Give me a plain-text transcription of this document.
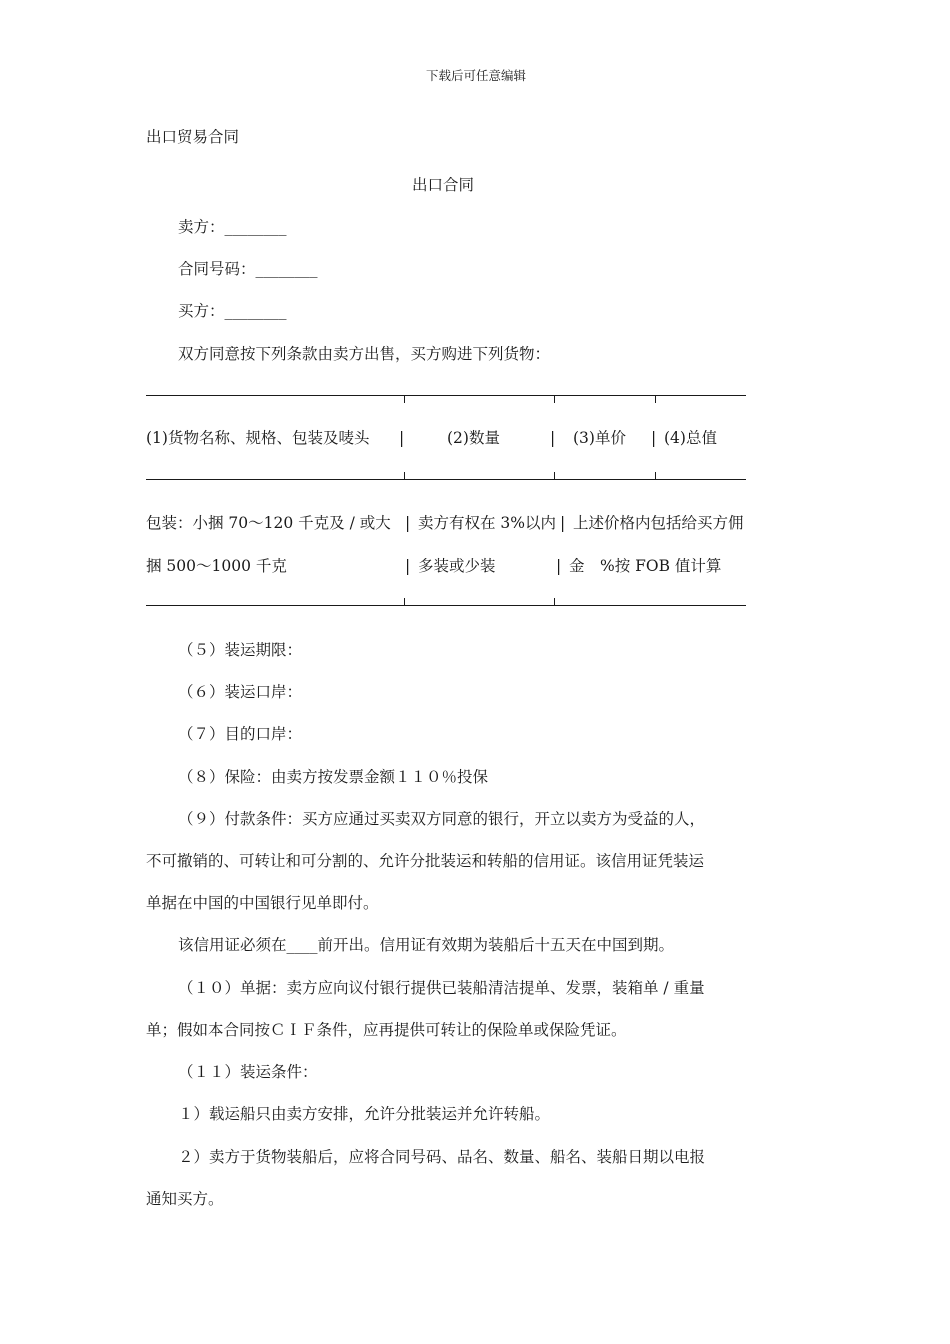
下载后可任意编辑
出口贸易合同
出口合同
卖方：________
合同号码：________
买方：________
双方同意按下列条款由卖方出售，买方购进下列货物：
(1)货物名称、规格、包装及唛头 |	(2)数量	| (3)单价 | (4)总值
包装：小捆 70～120 千克及 / 或大 | 卖方有权在 3%以内 | 上述价格内包括给买方佣
捆 500～1000 千克	| 多装或少装	| 金　%按 FOB 值计算
（５）装运期限：
（６）装运口岸：
（７）目的口岸：
（８）保险：由卖方按发票金额１１０％投保
（９）付款条件：买方应通过买卖双方同意的银行，开立以卖方为受益的人，
不可撤销的、可转让和可分割的、允许分批装运和转船的信用证。该信用证凭装运
单据在中国的中国银行见单即付。
该信用证必须在____前开出。信用证有效期为装船后十五天在中国到期。
（１０）单据：卖方应向议付银行提供已装船清洁提单、发票，装箱单 / 重量
单；假如本合同按ＣＩＦ条件，应再提供可转让的保险单或保险凭证。
（１１）装运条件：
１）载运船只由卖方安排，允许分批装运并允许转船。
２）卖方于货物装船后，应将合同号码、品名、数量、船名、装船日期以电报
通知买方。
